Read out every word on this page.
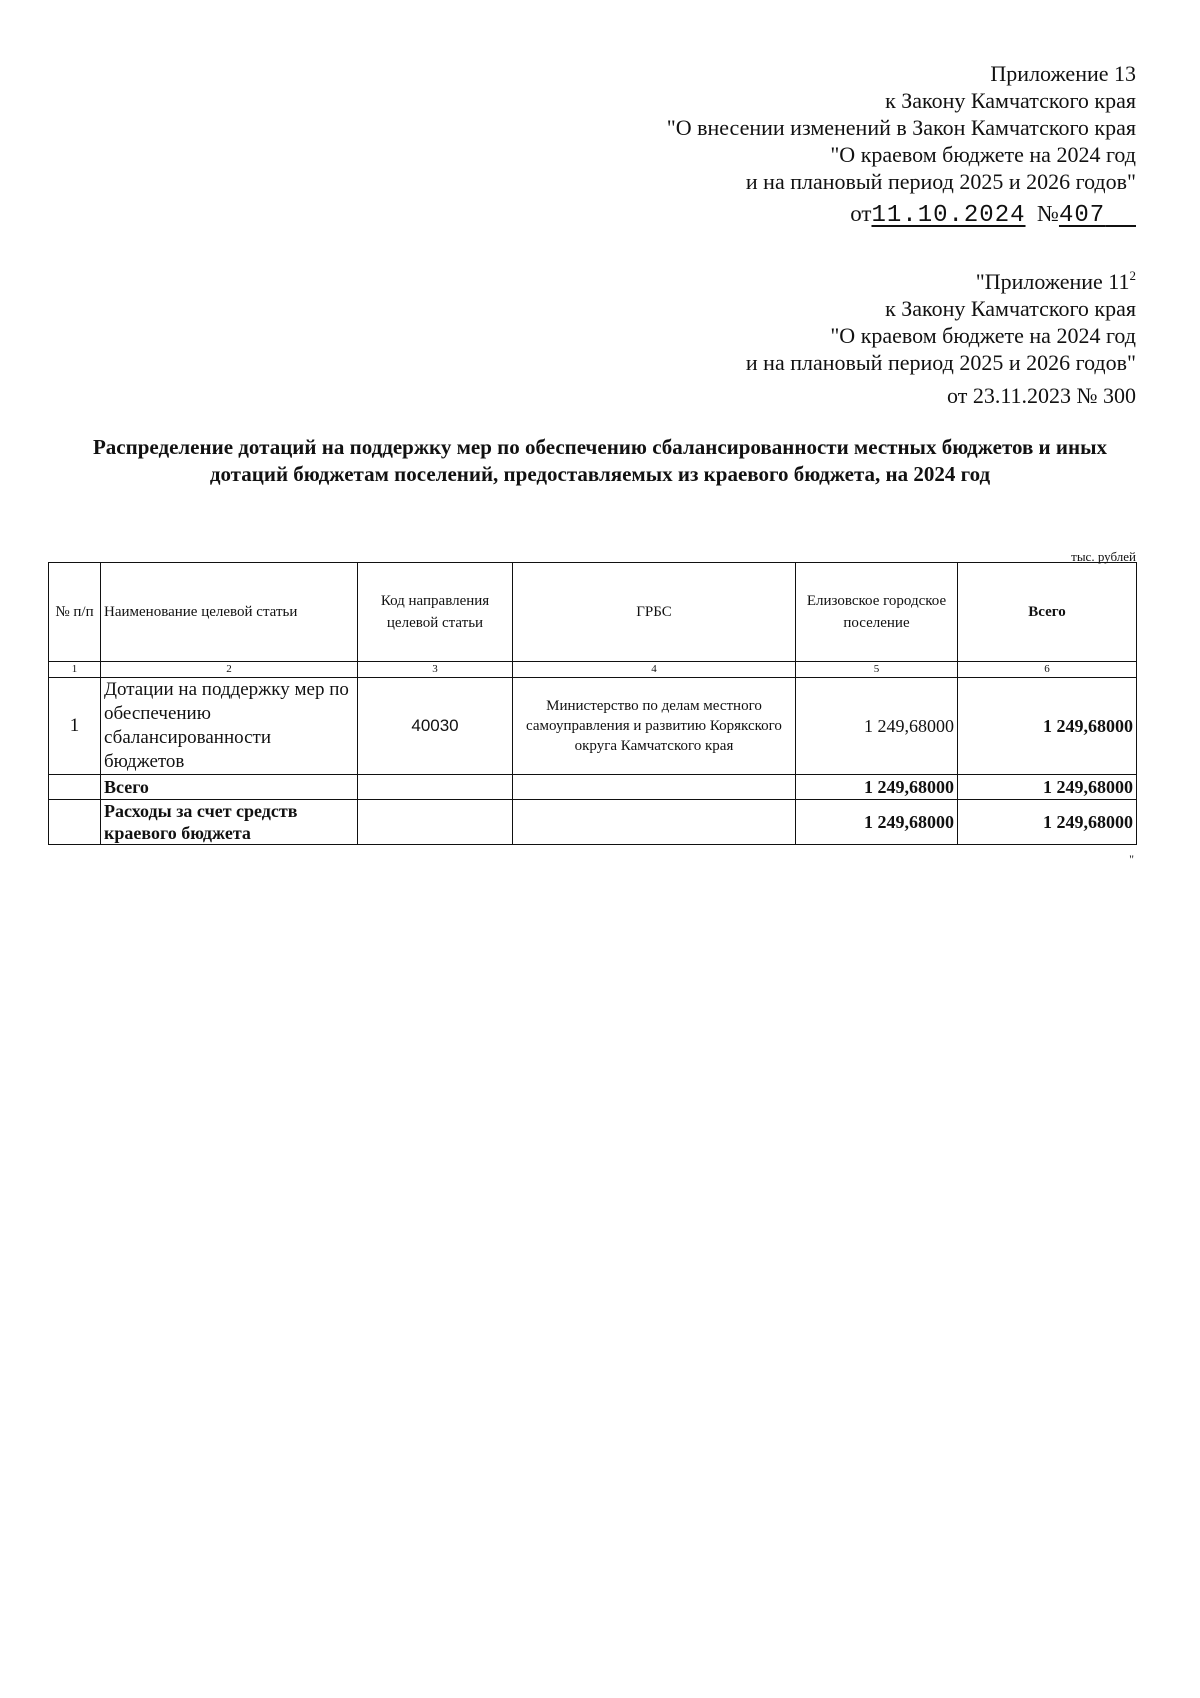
Приложение 13
к Закону Камчатского края
"О внесении изменений в Закон Камчатского края
"О краевом бюджете на 2024 год
и на плановый период 2025 и 2026 годов"
от11.10.2024 №407
"Приложение $11^2$
к Закону Камчатского края
"О краевом бюджете на 2024 год
и на плановый период 2025 и 2026 годов"
от 23.11.2023 № 300
Распределение дотаций на поддержку мер по обеспечению сбалансированности местных бюджетов и иных дотаций бюджетам поселений, предоставляемых из краевого бюджета, на 2024 год
тыс. рублей
№ п/п	Наименование целевой статьи	Код направления целевой статьи	ГРБС	Елизовское городское поселение	Всего
1	2	3	4	5	6
1	Дотации на поддержку мер по обеспечению сбалансированности бюджетов	40030	Министерство по делам местного самоуправления и развитию Корякского округа Камчатского края	1 249,68000	1 249,68000
	Всего			1 249,68000	1 249,68000
	Расходы за счет средств краевого бюджета			1 249,68000	1 249,68000
"
